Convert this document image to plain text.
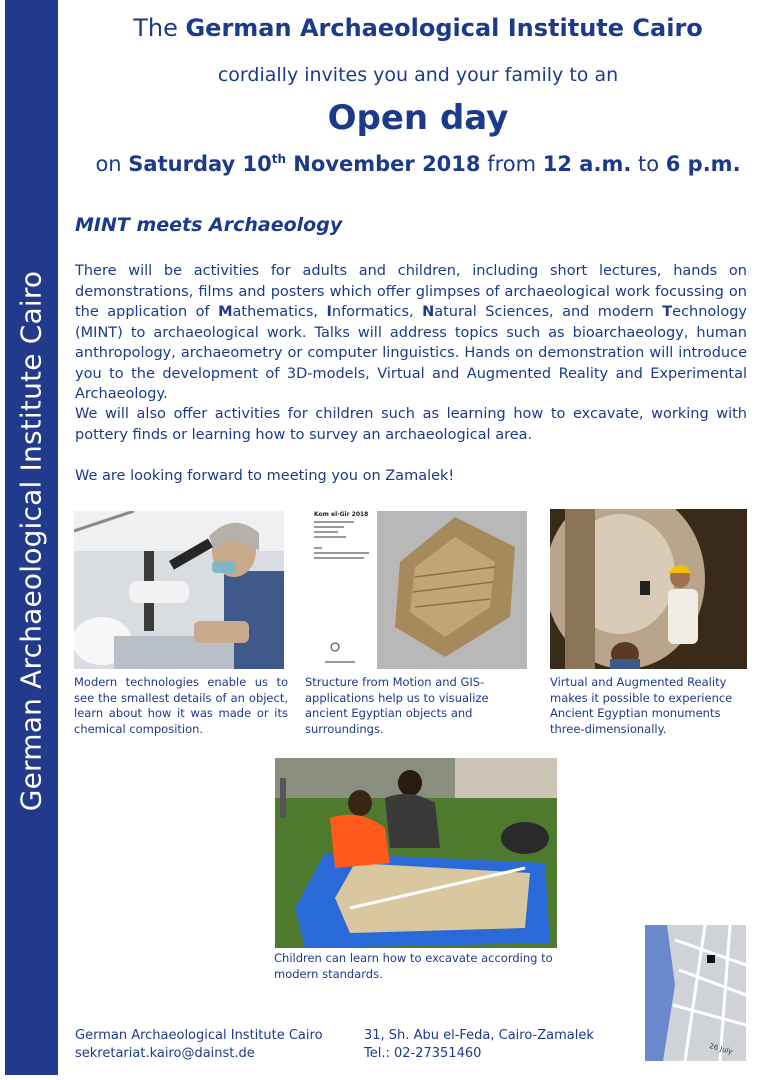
German Archaeological Institute Cairo
The German Archaeological Institute Cairo
cordially invites you and your family to an
Open day
on Saturday 10th November 2018 from 12 a.m. to 6 p.m.
MINT meets Archaeology
There will be activities for adults and children, including short lectures, hands on demonstrations, films and posters which offer glimpses of archaeological work focussing on the application of Mathematics, Informatics, Natural Sciences, and modern Technology (MINT) to archaeological work. Talks will address topics such as bioarchaeology, human anthropology, archaeometry or computer linguistics. Hands on demonstration will introduce you to the development of 3D-models, Virtual and Augmented Reality and Experimental Archaeology.
We will also offer activities for children such as learning how to excavate, working with pottery finds or learning how to survey an archaeological area.
We are looking forward to meeting you on Zamalek!
Modern technologies enable us to see the smallest details of an object, learn about how it was made or its chemical composition.
Kom el-Gir 2018
Structure from Motion and GIS-applications help us to visualize ancient Egyptian objects and surroundings.
Virtual and Augmented Reality makes it possible to experience Ancient Egyptian monuments three-dimensionally.
Children can learn how to excavate according to modern standards.
26 July
German Archaeological Institute Cairo
sekretariat.kairo@dainst.de
31, Sh. Abu el-Feda, Cairo-Zamalek
Tel.: 02-27351460
